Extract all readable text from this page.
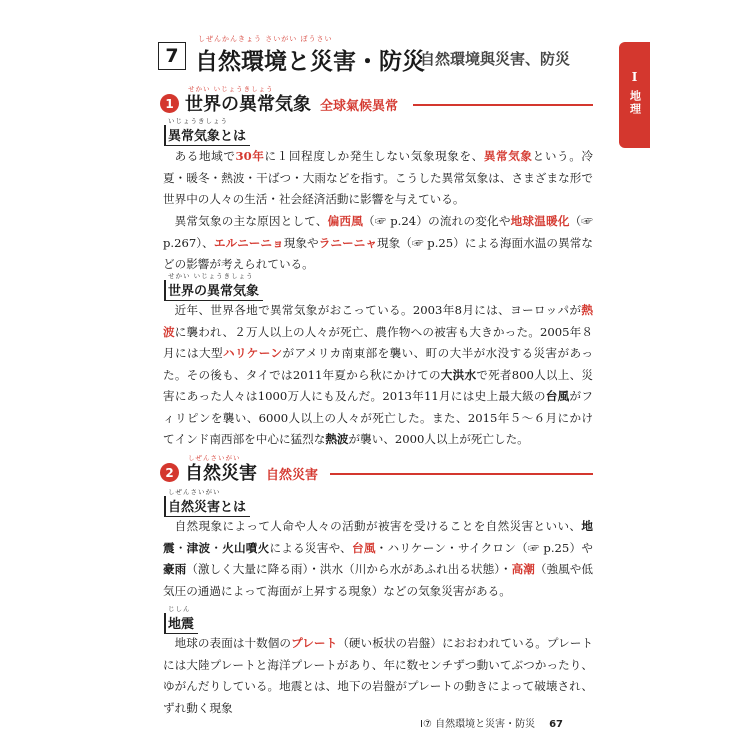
I
地理
7
しぜんかんきょう さいがい ぼうさい
自然環境と災害・防災
自然環境與災害、防災
1
せかい いじょうきしょう
世界の異常気象 全球氣候異常
いじょうきしょう
異常気象とは
ある地域で30年に１回程度しか発生しない気象現象を、異常気象という。冷夏・暖冬・熱波・干ばつ・大雨などを指す。こうした異常気象は、さまざまな形で世界中の人々の生活・社会経済活動に影響を与えている。
異常気象の主な原因として、偏西風（☞ p.24）の流れの変化や地球温暖化（☞ p.267）、エルニーニョ現象やラニーニャ現象（☞ p.25）による海面水温の異常などの影響が考えられている。
せかい いじょうきしょう
世界の異常気象
近年、世界各地で異常気象がおこっている。2003年8月には、ヨーロッパが熱波に襲われ、２万人以上の人々が死亡、農作物への被害も大きかった。2005年８月には大型ハリケーンがアメリカ南東部を襲い、町の大半が水没する災害があった。その後も、タイでは2011年夏から秋にかけての大洪水で死者800人以上、災害にあった人々は1000万人にも及んだ。2013年11月には史上最大級の台風がフィリピンを襲い、6000人以上の人々が死亡した。また、2015年５～６月にかけてインド南西部を中心に猛烈な熱波が襲い、2000人以上が死亡した。
2
しぜんさいがい
自然災害 自然災害
しぜんさいがい
自然災害とは
自然現象によって人命や人々の活動が被害を受けることを自然災害といい、地震・津波・火山噴火による災害や、台風・ハリケーン・サイクロン（☞ p.25）や豪雨（激しく大量に降る雨）・洪水（川から水があふれ出る状態）・高潮（強風や低気圧の通過によって海面が上昇する現象）などの気象災害がある。
じしん
地震
地球の表面は十数個のプレート（硬い板状の岩盤）におおわれている。プレートには大陸プレートと海洋プレートがあり、年に数センチずつ動いてぶつかったり、ゆがんだりしている。地震とは、地下の岩盤がプレートの動きによって破壊され、ずれ動く現象
Ⅰ⑦ 自然環境と災害・防災 67
